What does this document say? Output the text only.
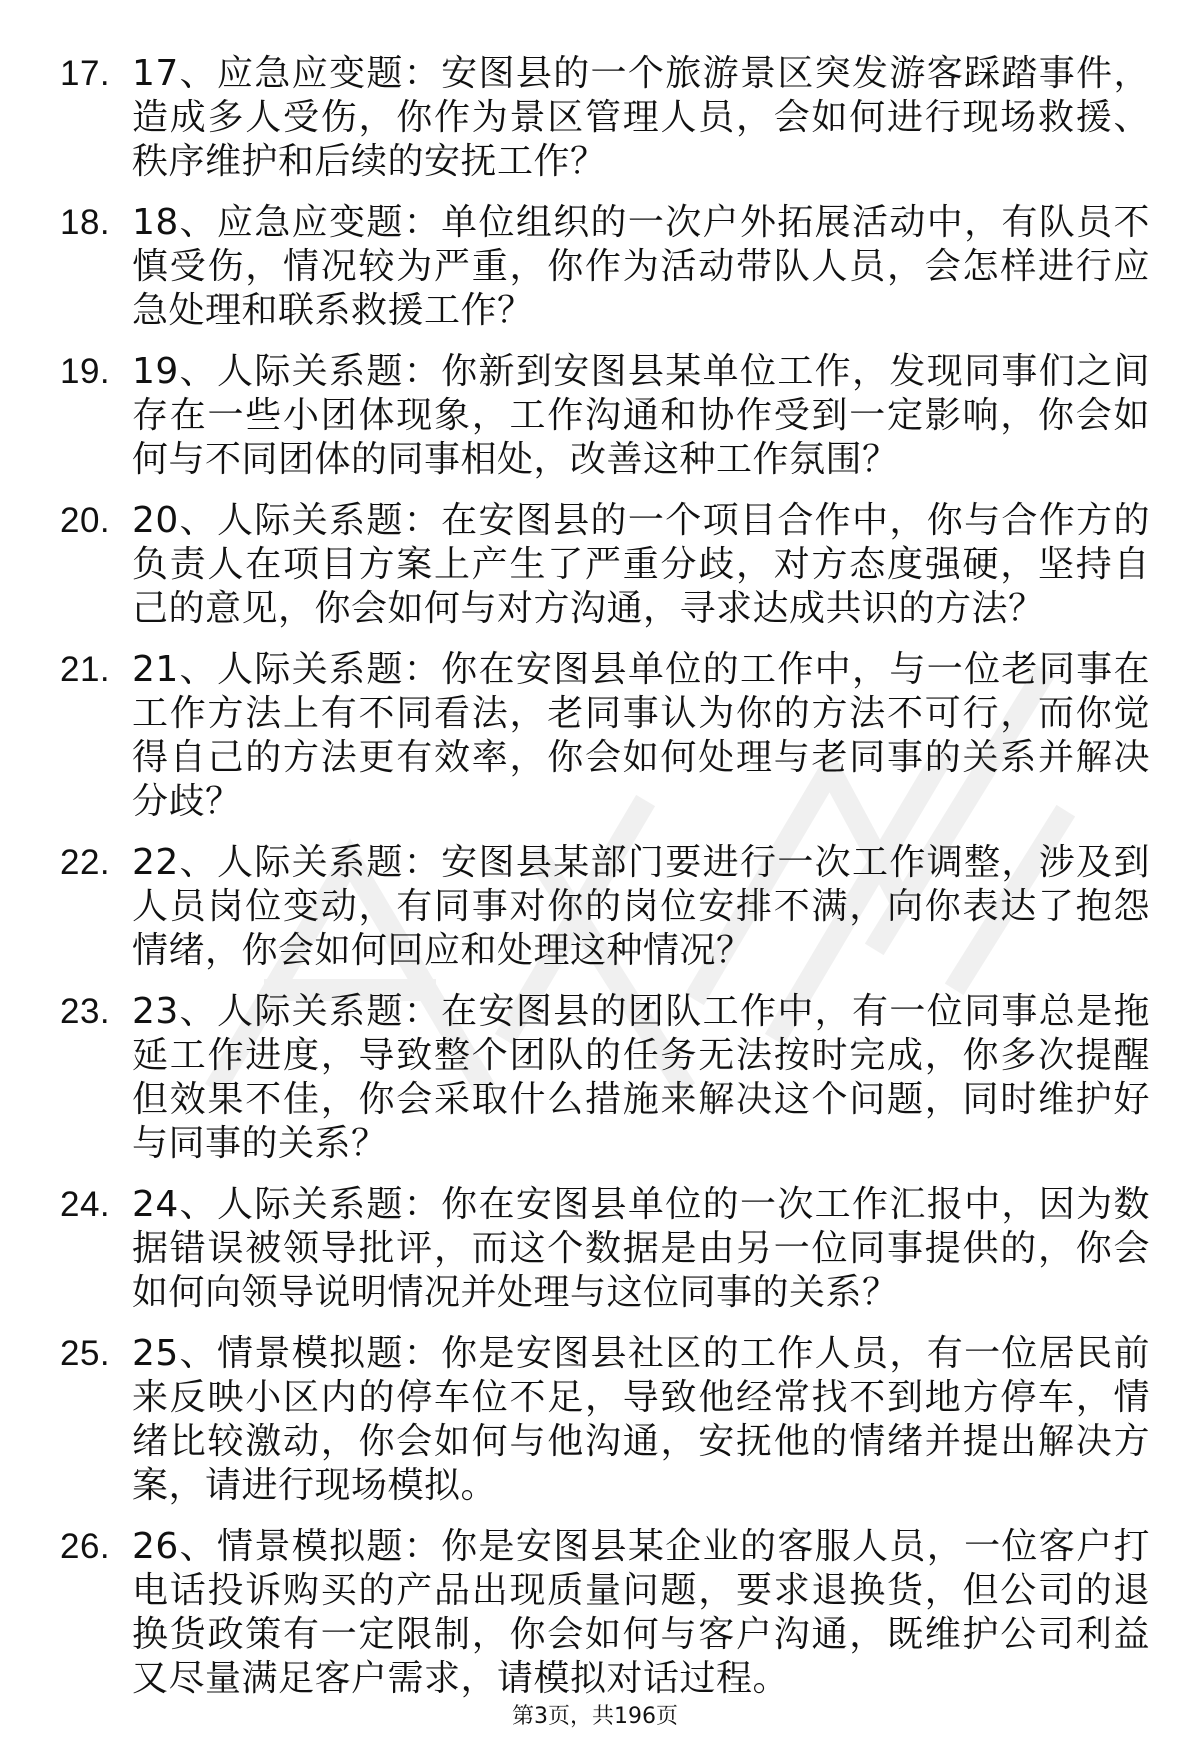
17. 17、应急应变题：安图县的一个旅游景区突发游客踩踏事件，造成多人受伤，你作为景区管理人员，会如何进行现场救援、秩序维护和后续的安抚工作？
18. 18、应急应变题：单位组织的一次户外拓展活动中，有队员不慎受伤，情况较为严重，你作为活动带队人员，会怎样进行应急处理和联系救援工作？
19. 19、人际关系题：你新到安图县某单位工作，发现同事们之间存在一些小团体现象，工作沟通和协作受到一定影响，你会如何与不同团体的同事相处，改善这种工作氛围？
20. 20、人际关系题：在安图县的一个项目合作中，你与合作方的负责人在项目方案上产生了严重分歧，对方态度强硬，坚持自己的意见，你会如何与对方沟通，寻求达成共识的方法？
21. 21、人际关系题：你在安图县单位的工作中，与一位老同事在工作方法上有不同看法，老同事认为你的方法不可行，而你觉得自己的方法更有效率，你会如何处理与老同事的关系并解决分歧？
22. 22、人际关系题：安图县某部门要进行一次工作调整，涉及到人员岗位变动，有同事对你的岗位安排不满，向你表达了抱怨情绪，你会如何回应和处理这种情况？
23. 23、人际关系题：在安图县的团队工作中，有一位同事总是拖延工作进度，导致整个团队的任务无法按时完成，你多次提醒但效果不佳，你会采取什么措施来解决这个问题，同时维护好与同事的关系？
24. 24、人际关系题：你在安图县单位的一次工作汇报中，因为数据错误被领导批评，而这个数据是由另一位同事提供的，你会如何向领导说明情况并处理与这位同事的关系？
25. 25、情景模拟题：你是安图县社区的工作人员，有一位居民前来反映小区内的停车位不足，导致他经常找不到地方停车，情绪比较激动，你会如何与他沟通，安抚他的情绪并提出解决方案，请进行现场模拟。
26. 26、情景模拟题：你是安图县某企业的客服人员，一位客户打电话投诉购买的产品出现质量问题，要求退换货，但公司的退换货政策有一定限制，你会如何与客户沟通，既维护公司利益又尽量满足客户需求，请模拟对话过程。
第3页，共196页
